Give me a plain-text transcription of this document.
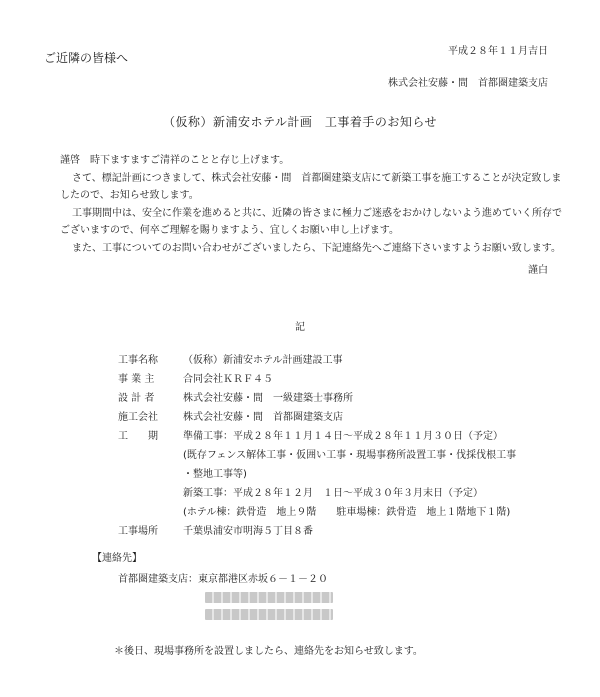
平成２８年１１月吉日
ご近隣の皆様へ
株式会社安藤・間　首都圏建築支店
（仮称）新浦安ホテル計画　工事着手のお知らせ

謹啓　時下ますますご清祥のことと存じ上げます。

さて、標記計画につきまして、株式会社安藤・間　首都圏建築支店にて新築工事を施工することが決定致しましたので、お知らせ致します。

工事期間中は、安全に作業を進めると共に、近隣の皆さまに極力ご迷惑をおかけしないよう進めていく所存でございますので、何卒ご理解を賜りますよう、宜しくお願い申し上げます。

また、工事についてのお問い合わせがございましたら、下記連絡先へご連絡下さいますようお願い致します。

謹白
記
工事名称	（仮称）新浦安ホテル計画建設工事
事 業 主	合同会社ＫＲＦ４５
設 計 者	株式会社安藤・間　一級建築士事務所
施工会社	株式会社安藤・間　首都圏建築支店
工　　期	準備工事：平成２８年１１月１４日～平成２８年１１月３０日（予定）
(既存フェンス解体工事・仮囲い工事・現場事務所設置工事・伐採伐根工事
・整地工事等)
新築工事：平成２８年１２月　１日～平成３０年３月末日（予定）
(ホテル棟：鉄骨造　地上９階　　駐車場棟：鉄骨造　地上１階地下１階)
工事場所	千葉県浦安市明海５丁目８番
【連絡先】
首都圏建築支店：東京都港区赤坂６－１－２０
＊後日、現場事務所を設置しましたら、連絡先をお知らせ致します。
